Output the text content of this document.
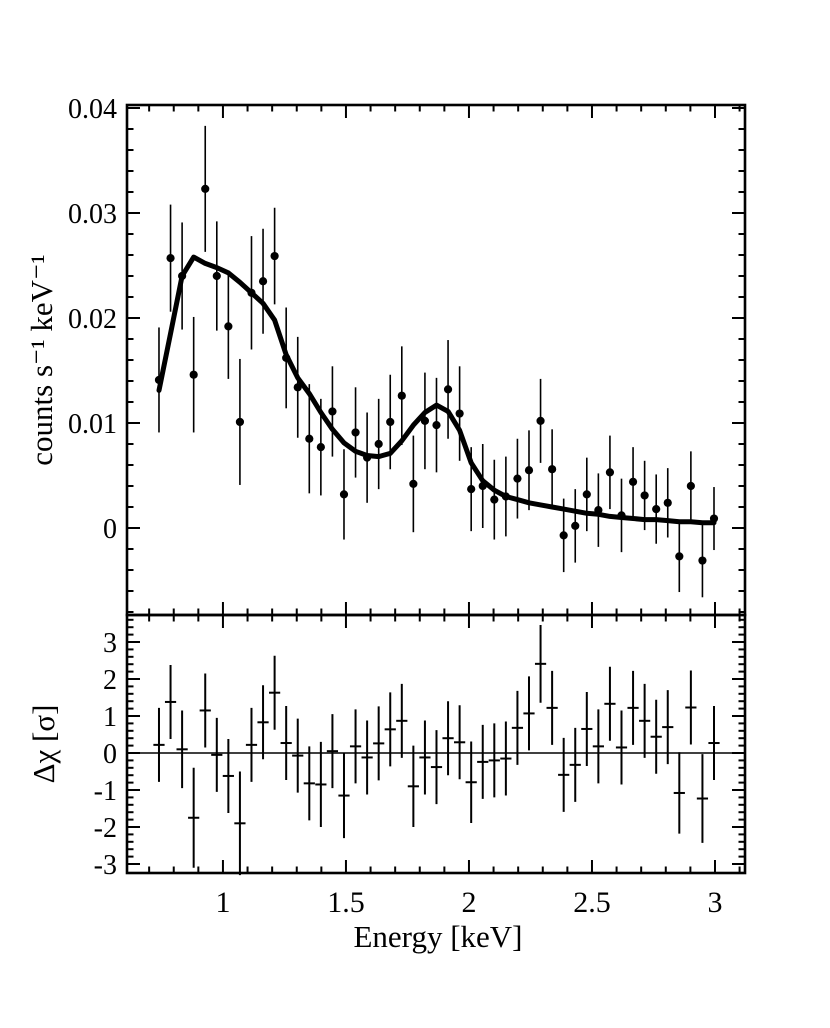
0
0.01
0.02
0.03
0.04
-3
-2
-1
0
1
2
3
1	1.5	2	2.5	3
counts s⁻¹ keV⁻¹
Δχ [σ]
Energy [keV]
